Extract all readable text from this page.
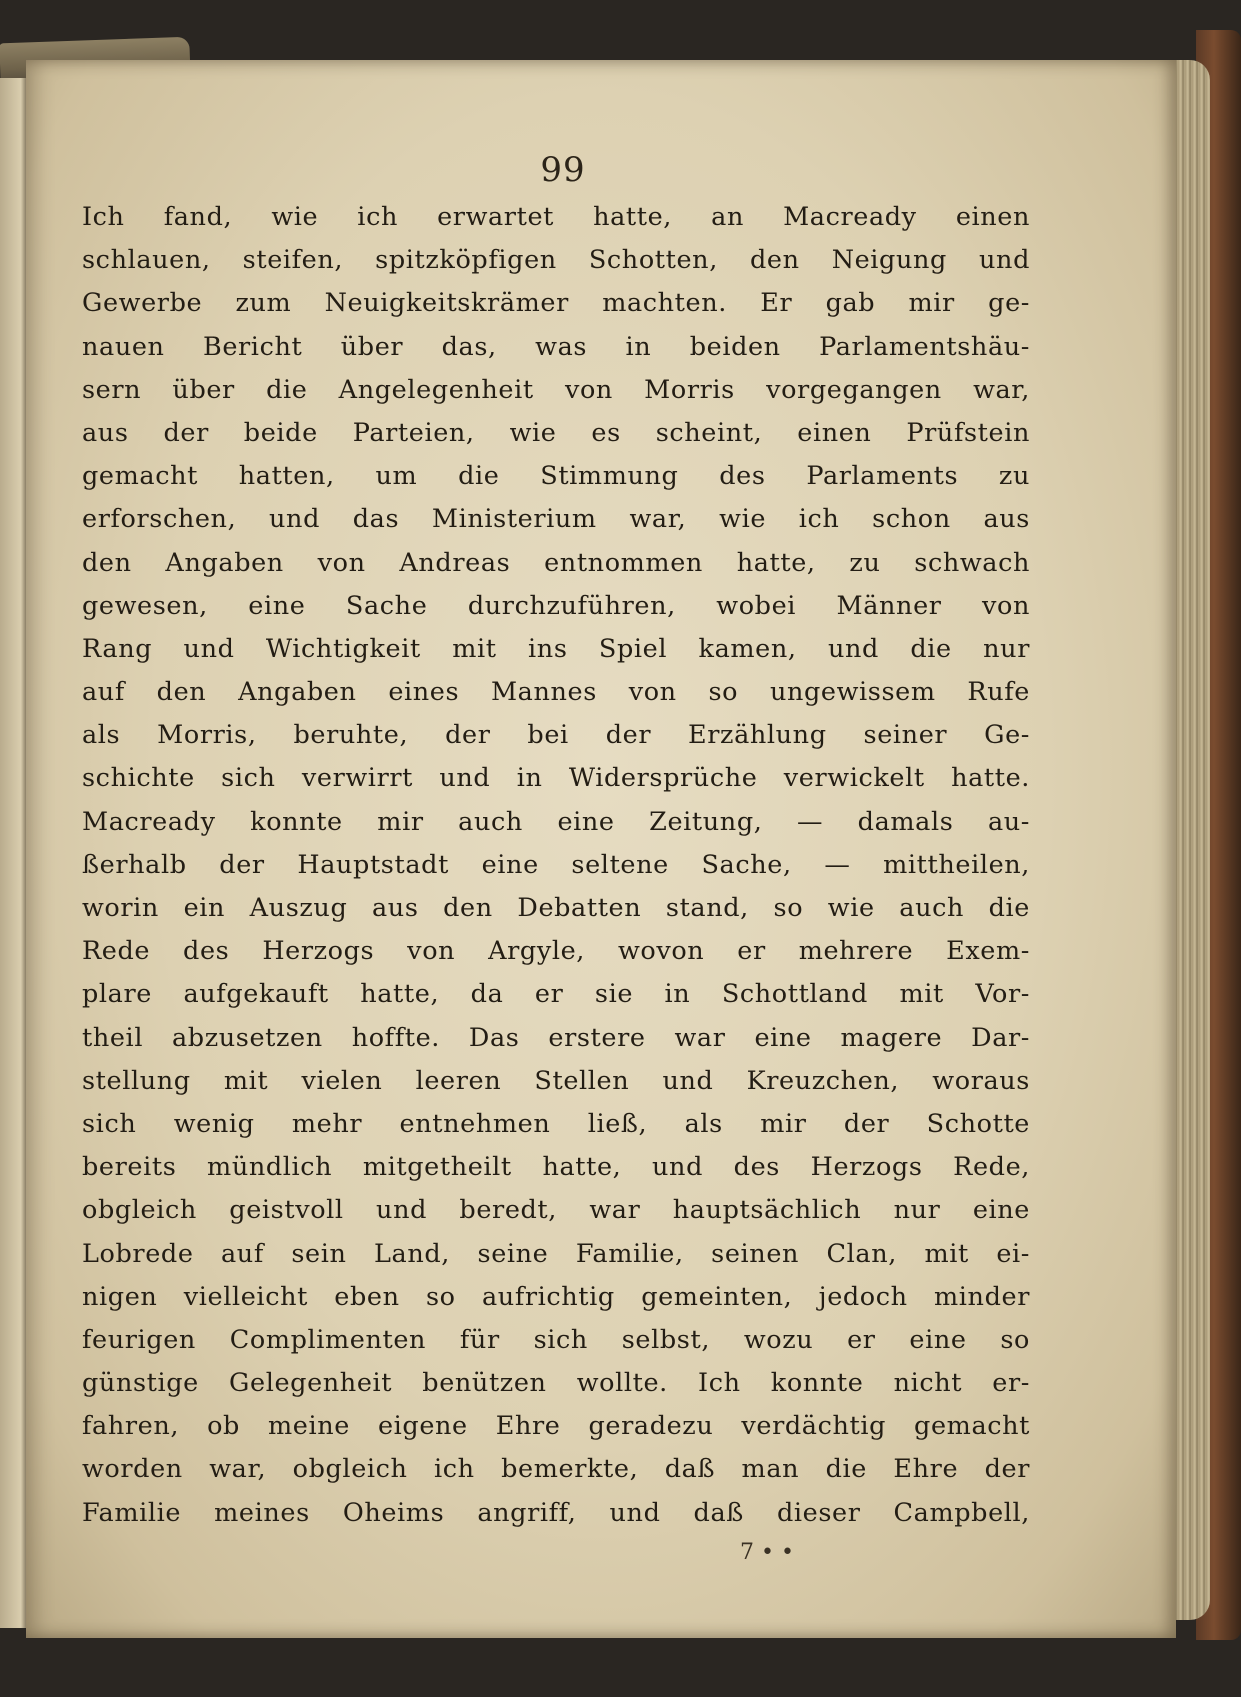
99
Ich fand, wie ich erwartet hatte, an Macready einen
schlauen, steifen, spitzköpfigen Schotten, den Neigung und
Gewerbe zum Neuigkeitskrämer machten. Er gab mir ge-
nauen Bericht über das, was in beiden Parlamentshäu-
sern über die Angelegenheit von Morris vorgegangen war,
aus der beide Parteien, wie es scheint, einen Prüfstein
gemacht hatten, um die Stimmung des Parlaments zu
erforschen, und das Ministerium war, wie ich schon aus
den Angaben von Andreas entnommen hatte, zu schwach
gewesen, eine Sache durchzuführen, wobei Männer von
Rang und Wichtigkeit mit ins Spiel kamen, und die nur
auf den Angaben eines Mannes von so ungewissem Rufe
als Morris, beruhte, der bei der Erzählung seiner Ge-
schichte sich verwirrt und in Widersprüche verwickelt hatte.
Macready konnte mir auch eine Zeitung, — damals au-
ßerhalb der Hauptstadt eine seltene Sache, — mittheilen,
worin ein Auszug aus den Debatten stand, so wie auch die
Rede des Herzogs von Argyle, wovon er mehrere Exem-
plare aufgekauft hatte, da er sie in Schottland mit Vor-
theil abzusetzen hoffte. Das erstere war eine magere Dar-
stellung mit vielen leeren Stellen und Kreuzchen, woraus
sich wenig mehr entnehmen ließ, als mir der Schotte
bereits mündlich mitgetheilt hatte, und des Herzogs Rede,
obgleich geistvoll und beredt, war hauptsächlich nur eine
Lobrede auf sein Land, seine Familie, seinen Clan, mit ei-
nigen vielleicht eben so aufrichtig gemeinten, jedoch minder
feurigen Complimenten für sich selbst, wozu er eine so
günstige Gelegenheit benützen wollte. Ich konnte nicht er-
fahren, ob meine eigene Ehre geradezu verdächtig gemacht
worden war, obgleich ich bemerkte, daß man die Ehre der
Familie meines Oheims angriff, und daß dieser Campbell,
7 • •
